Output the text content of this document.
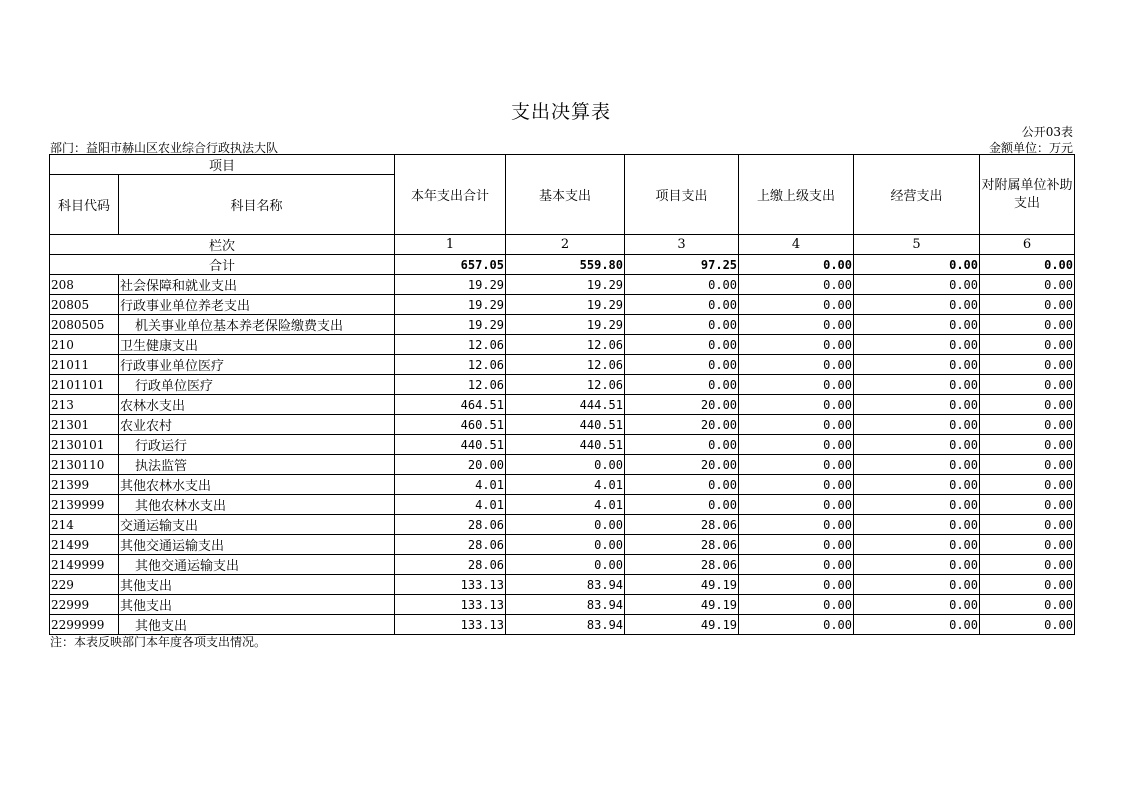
支出决算表
公开03表
部门：益阳市赫山区农业综合行政执法大队	金额单位：万元
项目		本年支出合计	基本支出	项目支出	上缴上级支出	经营支出	对附属单位补助支出
科目代码	科目名称						
栏次		1	2	3	4	5	6
合计		657.05	559.80	97.25	0.00	0.00	0.00
208	社会保障和就业支出	19.29	19.29	0.00	0.00	0.00	0.00
20805	行政事业单位养老支出	19.29	19.29	0.00	0.00	0.00	0.00
2080505	机关事业单位基本养老保险缴费支出	19.29	19.29	0.00	0.00	0.00	0.00
210	卫生健康支出	12.06	12.06	0.00	0.00	0.00	0.00
21011	行政事业单位医疗	12.06	12.06	0.00	0.00	0.00	0.00
2101101	行政单位医疗	12.06	12.06	0.00	0.00	0.00	0.00
213	农林水支出	464.51	444.51	20.00	0.00	0.00	0.00
21301	农业农村	460.51	440.51	20.00	0.00	0.00	0.00
2130101	行政运行	440.51	440.51	0.00	0.00	0.00	0.00
2130110	执法监管	20.00	0.00	20.00	0.00	0.00	0.00
21399	其他农林水支出	4.01	4.01	0.00	0.00	0.00	0.00
2139999	其他农林水支出	4.01	4.01	0.00	0.00	0.00	0.00
214	交通运输支出	28.06	0.00	28.06	0.00	0.00	0.00
21499	其他交通运输支出	28.06	0.00	28.06	0.00	0.00	0.00
2149999	其他交通运输支出	28.06	0.00	28.06	0.00	0.00	0.00
229	其他支出	133.13	83.94	49.19	0.00	0.00	0.00
22999	其他支出	133.13	83.94	49.19	0.00	0.00	0.00
2299999	其他支出	133.13	83.94	49.19	0.00	0.00	0.00
注：本表反映部门本年度各项支出情况。
